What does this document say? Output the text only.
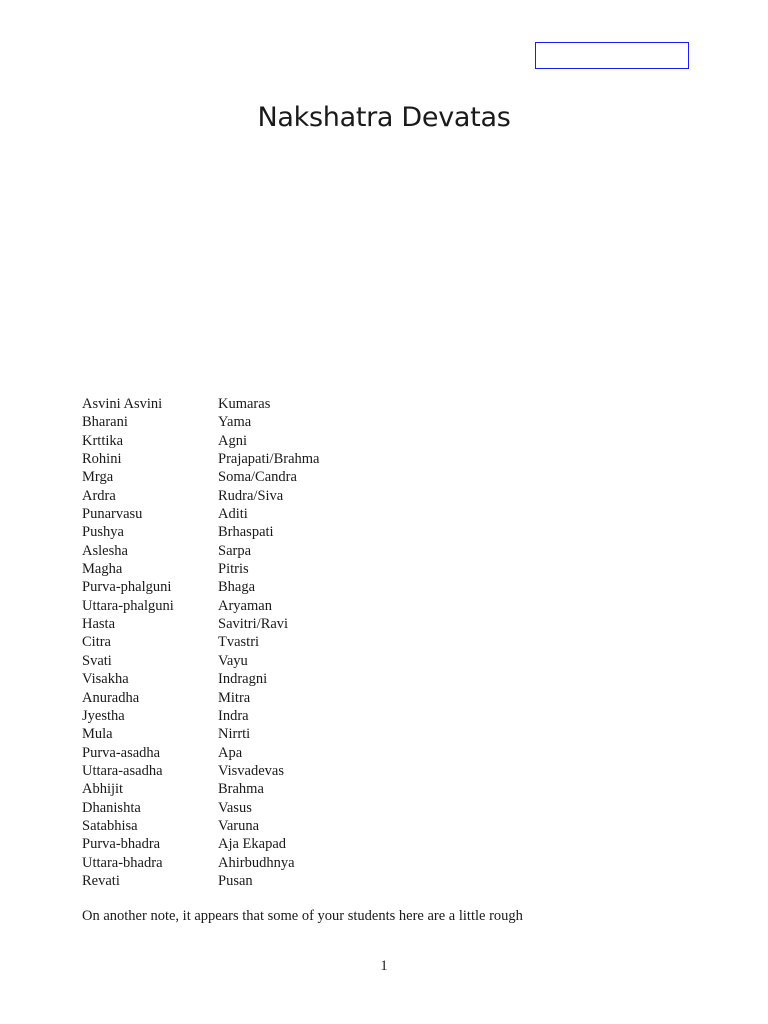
Nakshatra Devatas
Asvini Asvini	Kumaras
Bharani	Yama
Krttika	Agni
Rohini	Prajapati/Brahma
Mrga	Soma/Candra
Ardra	Rudra/Siva
Punarvasu	Aditi
Pushya	Brhaspati
Aslesha	Sarpa
Magha	Pitris
Purva-phalguni	Bhaga
Uttara-phalguni	Aryaman
Hasta	Savitri/Ravi
Citra	Tvastri
Svati	Vayu
Visakha	Indragni
Anuradha	Mitra
Jyestha	Indra
Mula	Nirrti
Purva-asadha	Apa
Uttara-asadha	Visvadevas
Abhijit	Brahma
Dhanishta	Vasus
Satabhisa	Varuna
Purva-bhadra	Aja Ekapad
Uttara-bhadra	Ahirbudhnya
Revati	Pusan

On another note, it appears that some of your students here are a little rough

1
